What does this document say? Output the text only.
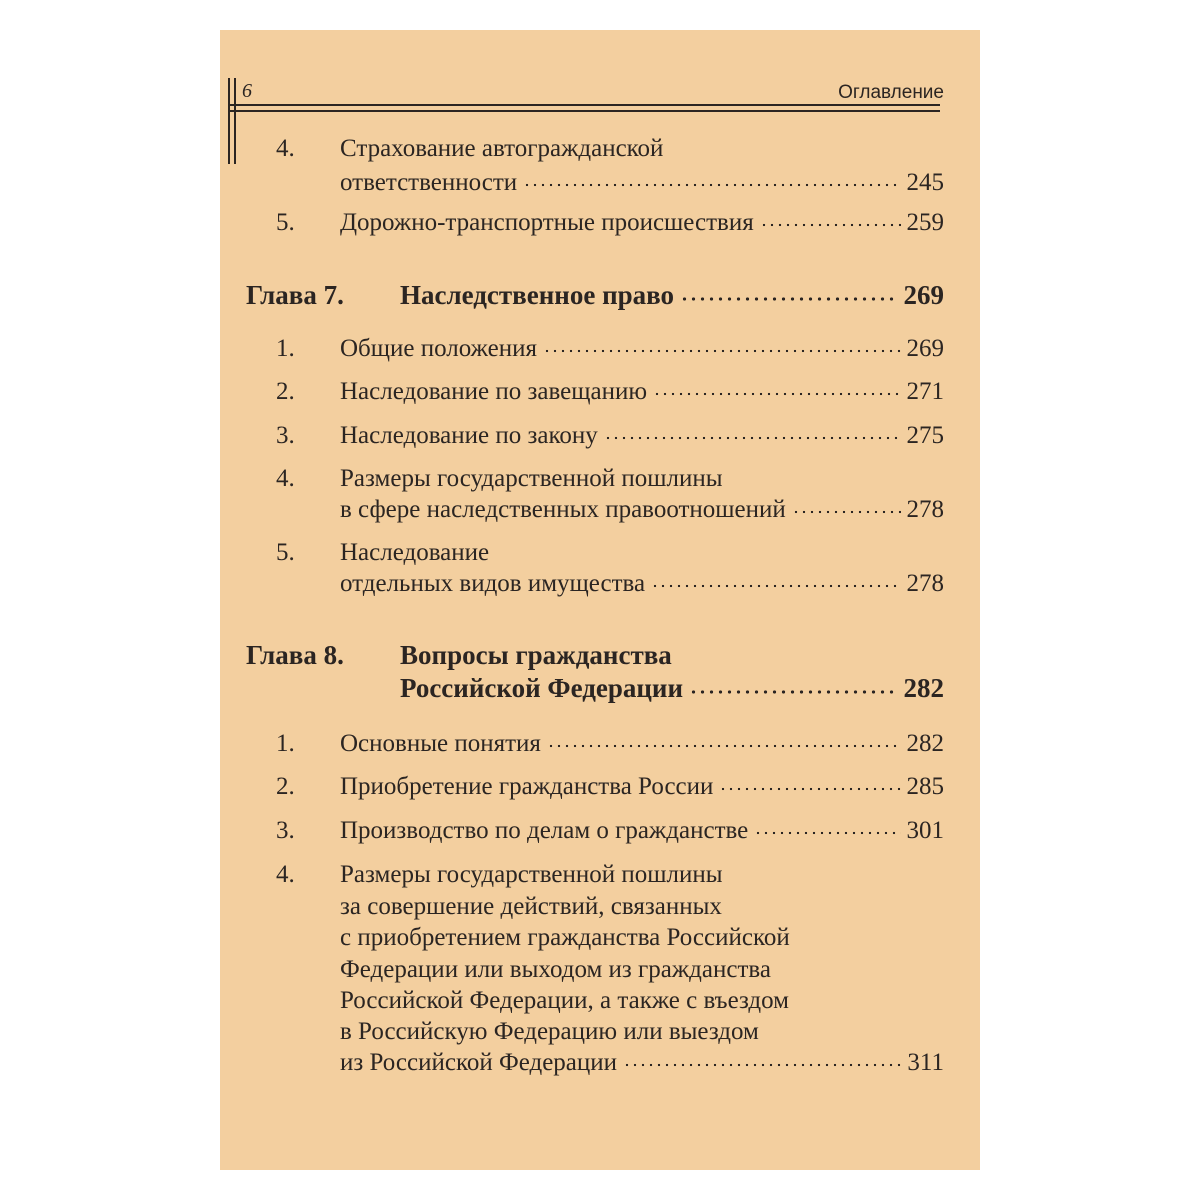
6	Оглавление
4. Страхование автогражданской
ответственности	245
5. Дорожно-транспортные происшествия	259
Глава 7. Наследственное право	269
1. Общие положения	269
2. Наследование по завещанию	271
3. Наследование по закону	275
4. Размеры государственной пошлины
в сфере наследственных правоотношений	278
5. Наследование
отдельных видов имущества	278
Глава 8. Вопросы гражданства
Российской Федерации	282
1. Основные понятия	282
2. Приобретение гражданства России	285
3. Производство по делам о гражданстве	301
4. Размеры государственной пошлины
за совершение действий, связанных
с приобретением гражданства Российской
Федерации или выходом из гражданства
Российской Федерации, а также с въездом
в Российскую Федерацию или выездом
из Российской Федерации	311
